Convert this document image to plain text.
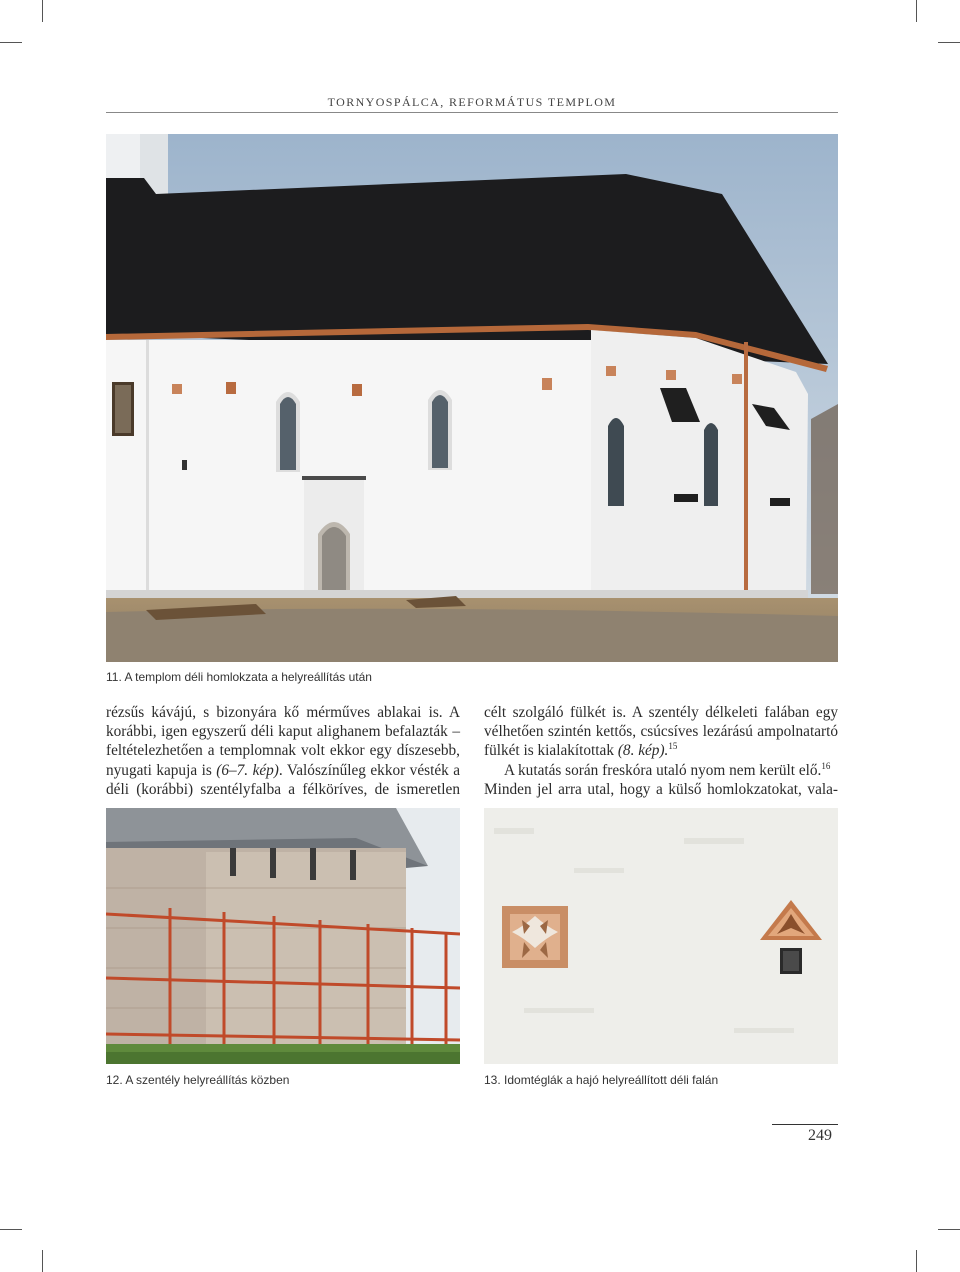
TORNYOSPÁLCA, REFORMÁTUS TEMPLOM
11. A templom déli homlokzata a helyreállítás után

rézsűs kávájú, s bizonyára kő mérműves ablakai is. A korábbi, igen egyszerű déli kaput alighanem befalazták – feltételezhetően a templomnak volt ekkor egy díszesebb, nyugati kapuja is (6–7. kép). Valószínűleg ekkor vésték a déli (korábbi) szentélyfalba a félköríves, de ismeretlen

célt szolgáló fülkét is. A szentély délkeleti falában egy vélhetően szintén kettős, csúcsíves lezárású ampolnatartó fülkét is kialakítottak (8. kép).$^{15}$

A kutatás során freskóra utaló nyom nem került elő.$^{16}$

Minden jel arra utal, hogy a külső homlokzatokat, vala-

12. A szentély helyreállítás közben	13. Idomtéglák a hajó helyreállított déli falán
249
